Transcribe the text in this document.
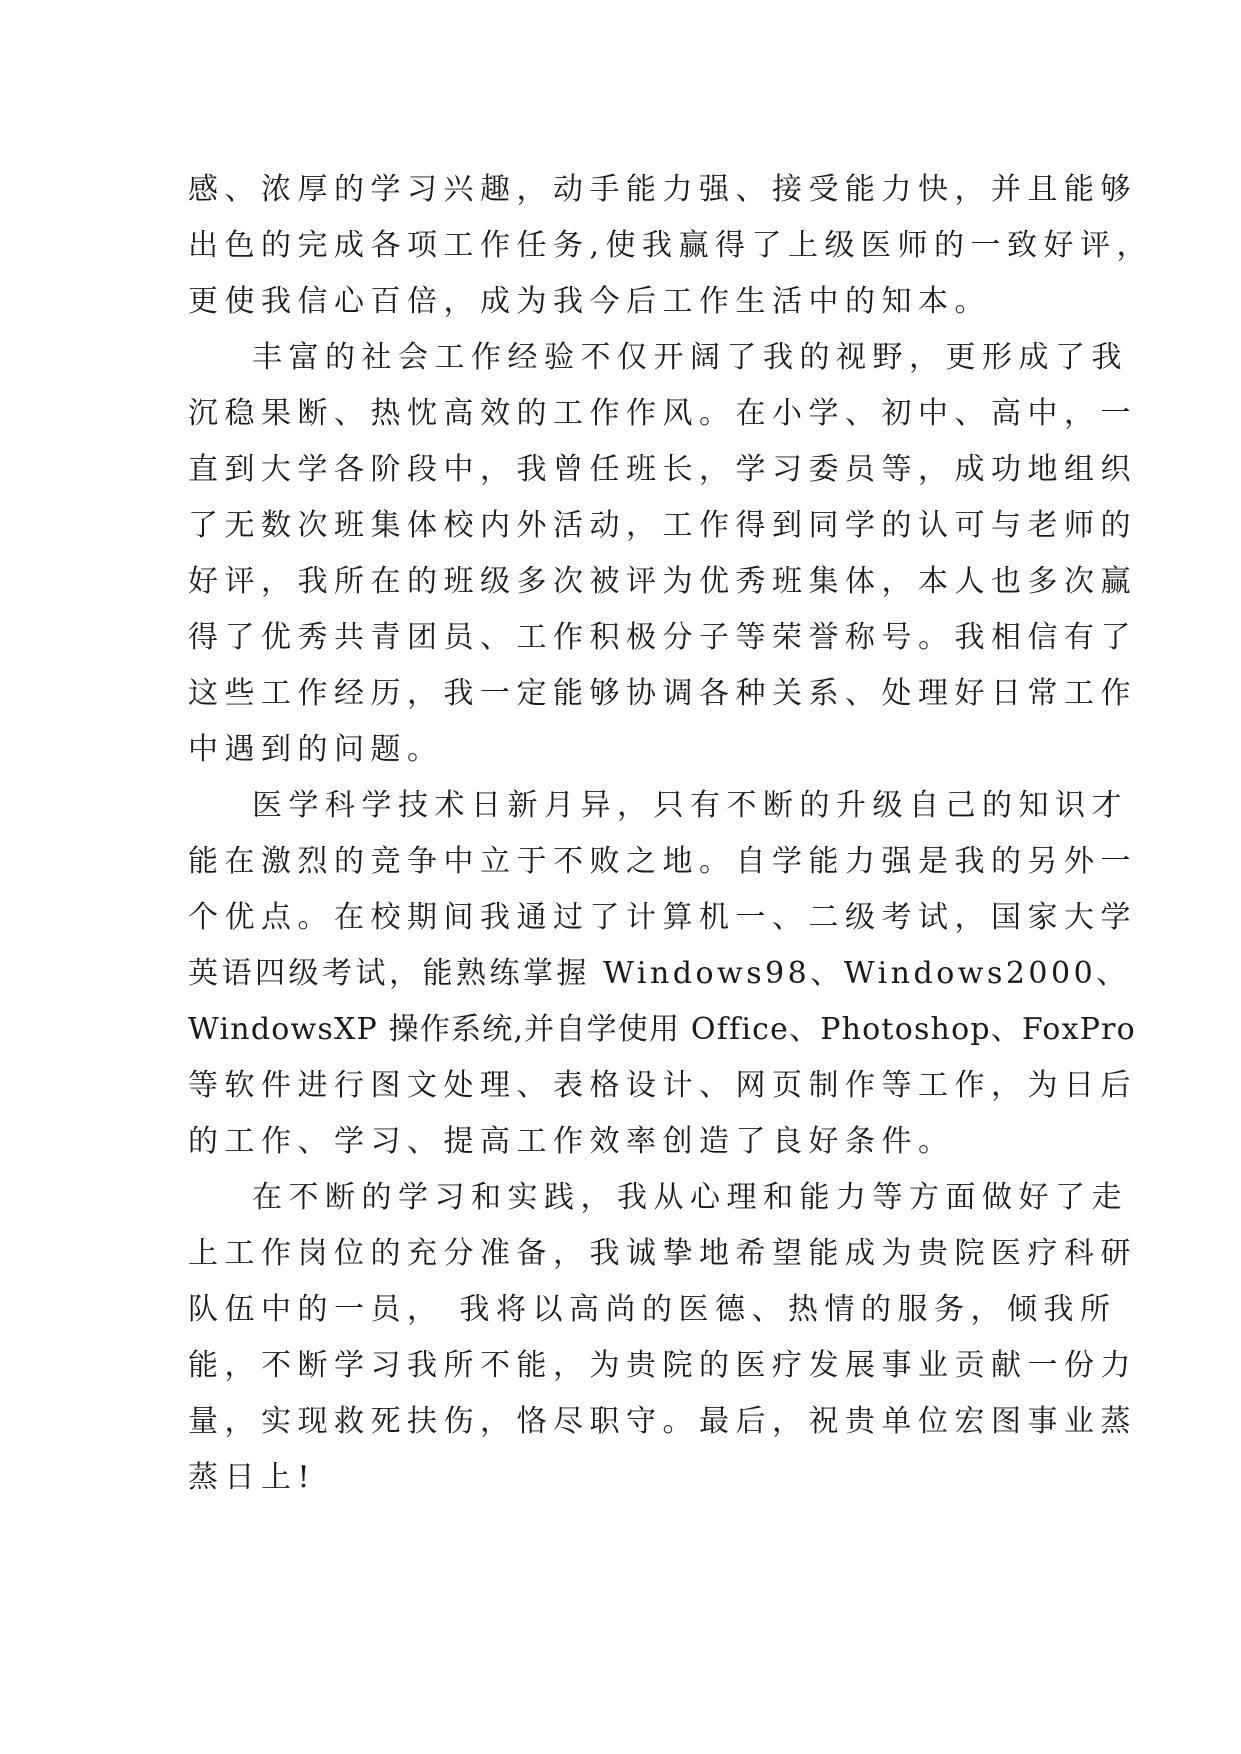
感、浓厚的学习兴趣，动手能力强、接受能力快，并且能够
出色的完成各项工作任务,使我赢得了上级医师的一致好评，
更使我信心百倍，成为我今后工作生活中的知本。
丰富的社会工作经验不仅开阔了我的视野，更形成了我
沉稳果断、热忱高效的工作作风。在小学、初中、高中，一
直到大学各阶段中，我曾任班长，学习委员等，成功地组织
了无数次班集体校内外活动，工作得到同学的认可与老师的
好评，我所在的班级多次被评为优秀班集体，本人也多次赢
得了优秀共青团员、工作积极分子等荣誉称号。我相信有了
这些工作经历，我一定能够协调各种关系、处理好日常工作
中遇到的问题。
医学科学技术日新月异，只有不断的升级自己的知识才
能在激烈的竞争中立于不败之地。自学能力强是我的另外一
个优点。在校期间我通过了计算机一、二级考试，国家大学
英语四级考试，能熟练掌握 Windows98、Windows2000、
WindowsXP 操作系统,并自学使用 Office、Photoshop、FoxPro
等软件进行图文处理、表格设计、网页制作等工作，为日后
的工作、学习、提高工作效率创造了良好条件。
在不断的学习和实践，我从心理和能力等方面做好了走
上工作岗位的充分准备，我诚挚地希望能成为贵院医疗科研
队伍中的一员， 我将以高尚的医德、热情的服务，倾我所
能，不断学习我所不能，为贵院的医疗发展事业贡献一份力
量，实现救死扶伤，恪尽职守。最后，祝贵单位宏图事业蒸
蒸日上!
